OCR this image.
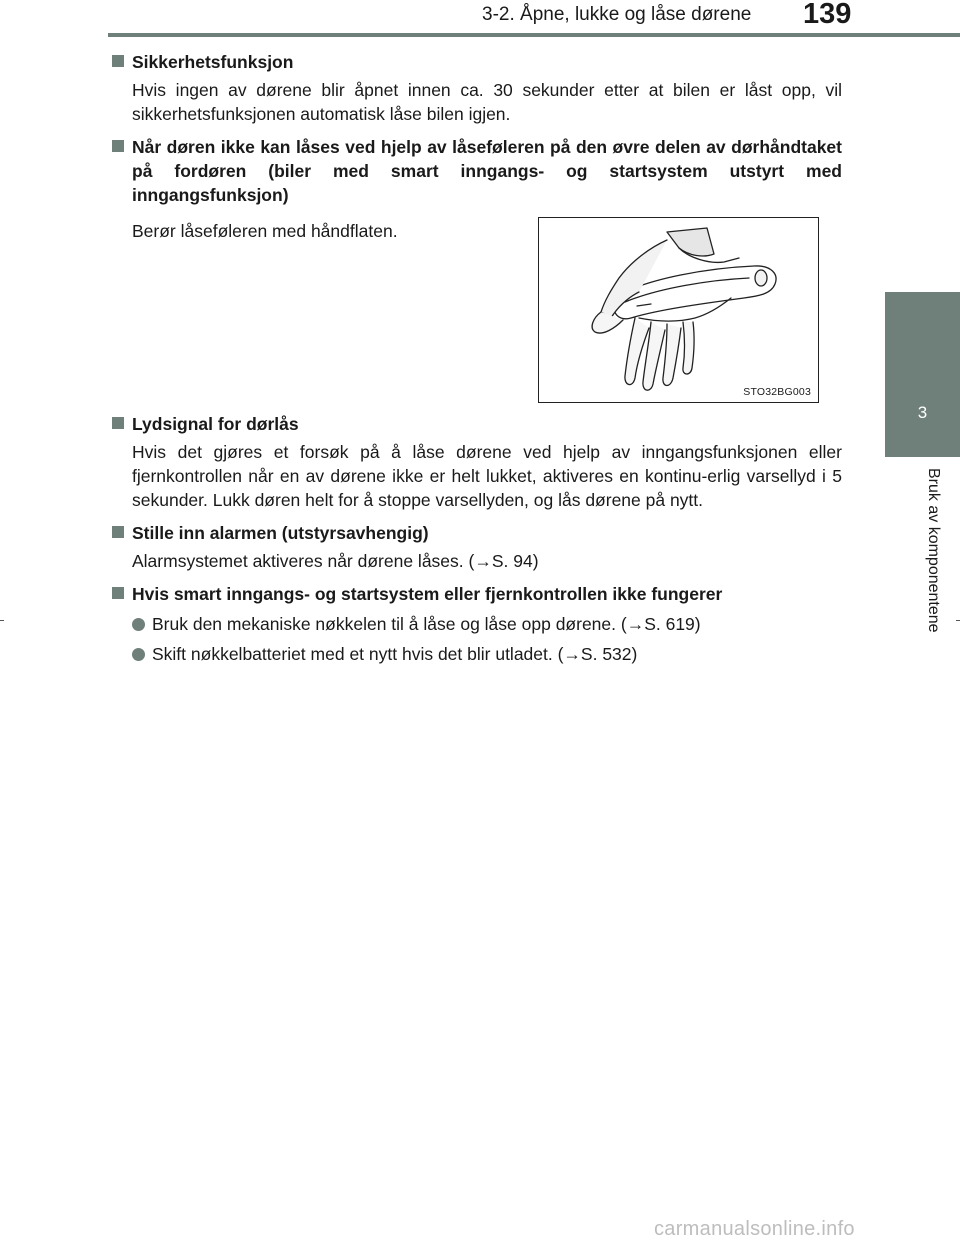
3-2. Åpne, lukke og låse dørene 139
3
Bruk av komponentene
Sikkerhetsfunksjon
Hvis ingen av dørene blir åpnet innen ca. 30 sekunder etter at bilen er låst opp, vil sikkerhetsfunksjonen automatisk låse bilen igjen.
Når døren ikke kan låses ved hjelp av låseføleren på den øvre delen av dørhåndtaket på fordøren (biler med smart inngangs- og startsystem utstyrt med inngangsfunksjon)
Berør låseføleren med håndflaten.
STO32BG003
Lydsignal for dørlås
Hvis det gjøres et forsøk på å låse dørene ved hjelp av inngangsfunksjonen eller fjernkontrollen når en av dørene ikke er helt lukket, aktiveres en kontinu-erlig varsellyd i 5 sekunder. Lukk døren helt for å stoppe varsellyden, og lås dørene på nytt.
Stille inn alarmen (utstyrsavhengig)
Alarmsystemet aktiveres når dørene låses. (→S. 94)
Hvis smart inngangs- og startsystem eller fjernkontrollen ikke fungerer
Bruk den mekaniske nøkkelen til å låse og låse opp dørene. (→S. 619)
Skift nøkkelbatteriet med et nytt hvis det blir utladet. (→S. 532)
carmanualsonline.info
